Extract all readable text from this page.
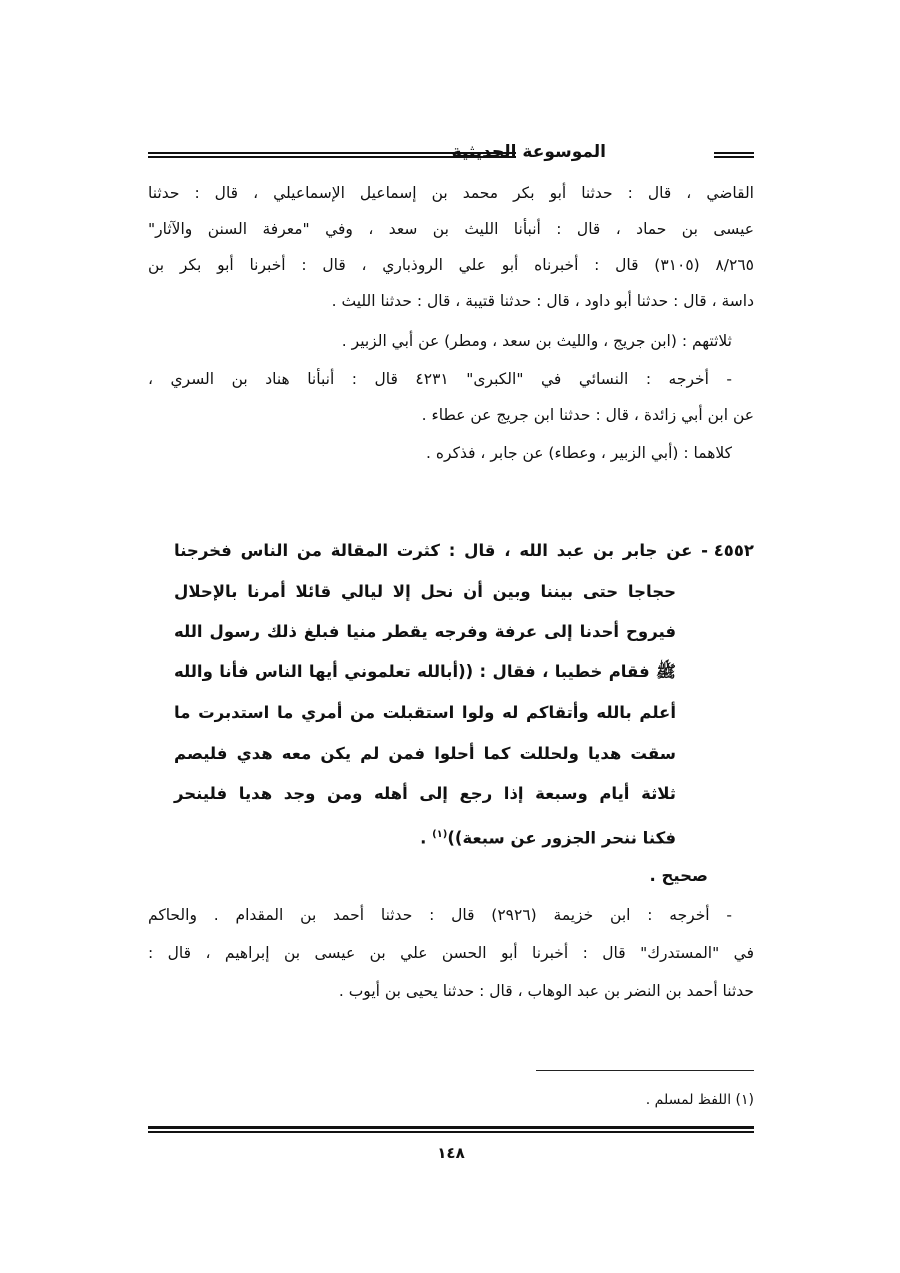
الموسوعة الحديثية
القاضي ، قال : حدثنا أبو بكر محمد بن إسماعيل الإسماعيلي ، قال : حدثنا
عيسى بن حماد ، قال : أنبأنا الليث بن سعد ، وفي "معرفة السنن والآثار"
٨/٢٦٥ (٣١٠٥) قال : أخبرناه أبو علي الروذباري ، قال : أخبرنا أبو بكر بن
داسة ، قال : حدثنا أبو داود ، قال : حدثنا قتيبة ، قال : حدثنا الليث .
ثلاثتهم : (ابن جريج ، والليث بن سعد ، ومطر) عن أبي الزبير .
- أخرجه : النسائي في "الكبرى" ٤٢٣١ قال : أنبأنا هناد بن السري ،
عن ابن أبي زائدة ، قال : حدثنا ابن جريج عن عطاء .
كلاهما : (أبي الزبير ، وعطاء) عن جابر ، فذكره .
٤٥٥٢
- عن جابر بن عبد الله ، قال : كثرت المقالة من الناس فخرجنا
حجاجا حتى بيننا وبين أن نحل إلا ليالي قائلا أمرنا بالإحلال
فيروح أحدنا إلى عرفة وفرجه يقطر منيا فبلغ ذلك رسول الله
ﷺ فقام خطيبا ، فقال : ((أبالله تعلموني أيها الناس فأنا والله
أعلم بالله وأتقاكم له ولوا استقبلت من أمري ما استدبرت ما
سقت هديا ولحللت كما أحلوا فمن لم يكن معه هدي فليصم
ثلاثة أيام وسبعة إذا رجع إلى أهله ومن وجد هديا فلينحر
فكنا ننحر الجزور عن سبعة))$^{(١)}$ .
صحيح .
- أخرجه : ابن خزيمة (٢٩٢٦) قال : حدثنا أحمد بن المقدام . والحاكم
في "المستدرك" قال : أخبرنا أبو الحسن علي بن عيسى بن إبراهيم ، قال :
حدثنا أحمد بن النضر بن عبد الوهاب ، قال : حدثنا يحيى بن أيوب .
(١) اللفظ لمسلم .
١٤٨
